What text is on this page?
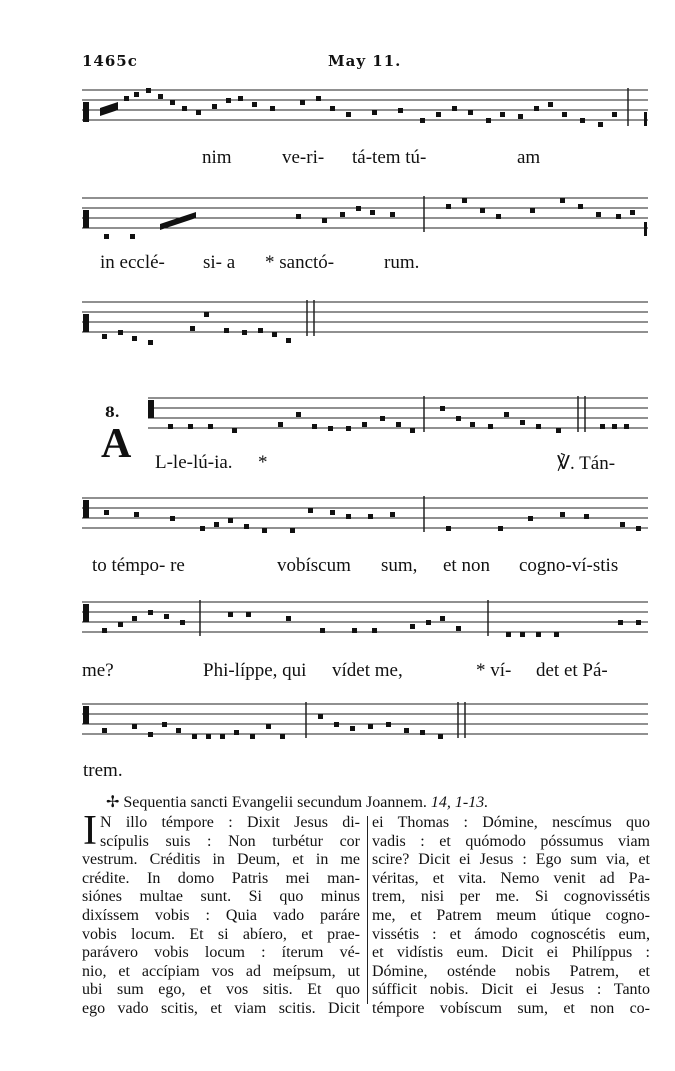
1465c	May 11.
nim	ve-ri- tá-tem tú-	am
in ecclé- si- a * sanctó-	rum.
8.
A L-le-lú-ia. *	℣. Tán-
to témpo- re	vobíscum sum, et non cogno-ví-stis
me?	Phi-líppe, qui vídet me,	* ví- det et Pá-
trem.
✢ Sequentia sancti Evangelii secundum Joannem. 14, 1-13.
I N illo témpore : Dixit Jesus di-
scípulis suis : Non turbétur cor
vestrum. Créditis in Deum, et in me
crédite. In domo Patris mei man-
siónes multae sunt. Si quo minus
dixíssem vobis : Quia vado paráre
vobis locum. Et si abíero, et prae-
parávero vobis locum : íterum vé-
nio, et accípiam vos ad meípsum, ut
ubi sum ego, et vos sitis. Et quo
ego vado scitis, et viam scitis. Dicit
ei Thomas : Dómine, nescímus quo
vadis : et quómodo póssumus viam
scire? Dicit ei Jesus : Ego sum via, et
véritas, et vita. Nemo venit ad Pa-
trem, nisi per me. Si cognovissétis
me, et Patrem meum útique cogno-
vissétis : et ámodo cognoscétis eum,
et vidístis eum. Dicit ei Philíppus :
Dómine, osténde nobis Patrem, et
súfficit nobis. Dicit ei Jesus : Tanto
témpore vobíscum sum, et non co-
